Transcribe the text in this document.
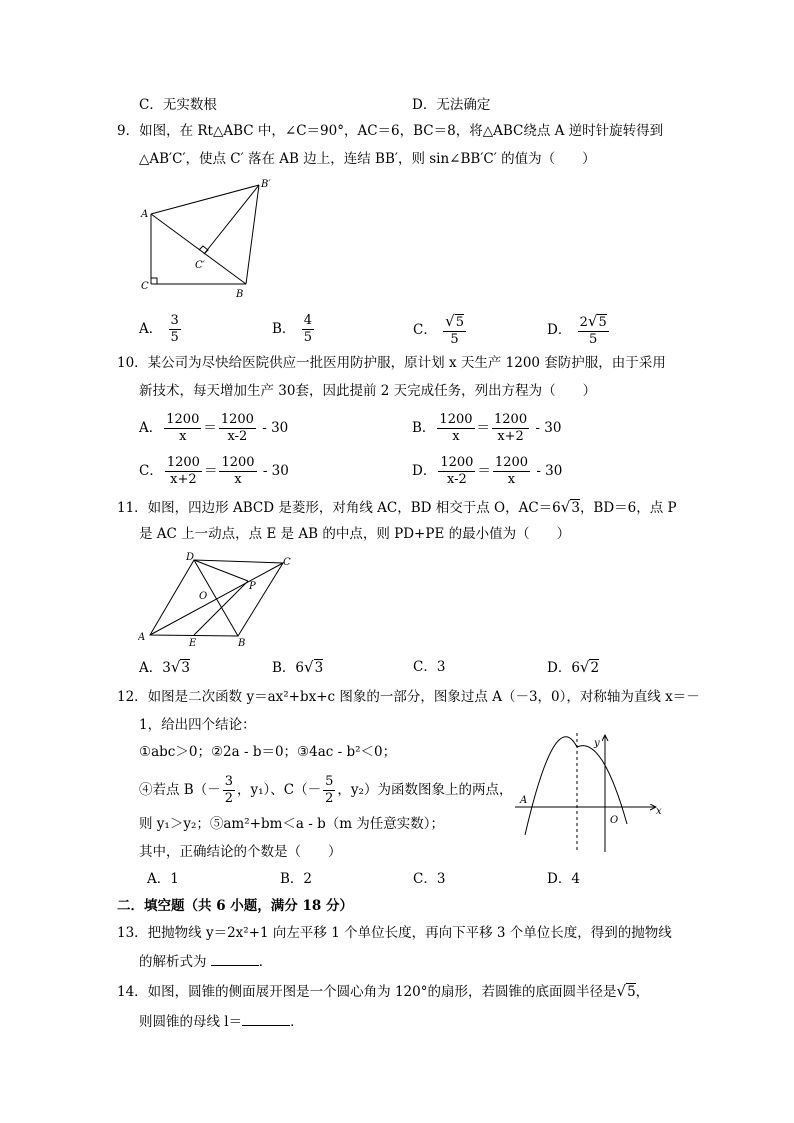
C．无实数根	D．无法确定
9．如图，在 Rt△ABC 中，∠C＝90°，AC＝6，BC＝8，将△ABC绕点 A 逆时针旋转得到
△AB′C′，使点 C′ 落在 AB 边上，连结 BB′，则 sin∠BB′C′ 的值为（　　）
A
C
B
B′
C′
A． $\frac{3}{5}$	B． $\frac{4}{5}$	C． $\frac{√5}{5}$	D． $\frac{2√5}{5}$
10．某公司为尽快给医院供应一批医用防护服，原计划 x 天生产 1200 套防护服，由于采用
新技术，每天增加生产 30套，因此提前 2 天完成任务，列出方程为（　　）
A． $\frac{1200}{x} = \frac{1200}{x-2} - 30$	B． $\frac{1200}{x} = \frac{1200}{x+2} - 30$
C． $\frac{1200}{x+2} = \frac{1200}{x} - 30$	D． $\frac{1200}{x-2} = \frac{1200}{x} - 30$
11．如图，四边形 ABCD 是菱形，对角线 AC，BD 相交于点 O，AC＝6√3，BD＝6，点 P
是 AC 上一动点，点 E 是 AB 的中点，则 PD+PE 的最小值为（　　）
A
B
C
D
E
O
P
A．3√3	B．6√3	C．3	D．6√2
12．如图是二次函数 y＝ax²+bx+c 图象的一部分，图象过点 A（－3，0），对称轴为直线 x＝－
1，给出四个结论：
①abc＞0；②2a - b＝0；③4ac - b²＜0；
④若点 $B(- \frac{3}{2}$ ，y₁）、$C(- \frac{5}{2}$ ，y₂）为函数图象上的两点，
则 y₁＞y₂；⑤am²+bm＜a - b（m 为任意实数）；
其中，正确结论的个数是（　　）
A
O
x
y
A．1	B．2	C．3	D．4
二．填空题（共 6 小题，满分 18 分）
13．把抛物线 y＝2x²+1 向左平移 1 个单位长度，再向下平移 3 个单位长度，得到的抛物线
的解析式为	．
14．如图，圆锥的侧面展开图是一个圆心角为 120°的扇形，若圆锥的底面圆半径是√5，
则圆锥的母线 l＝	．
